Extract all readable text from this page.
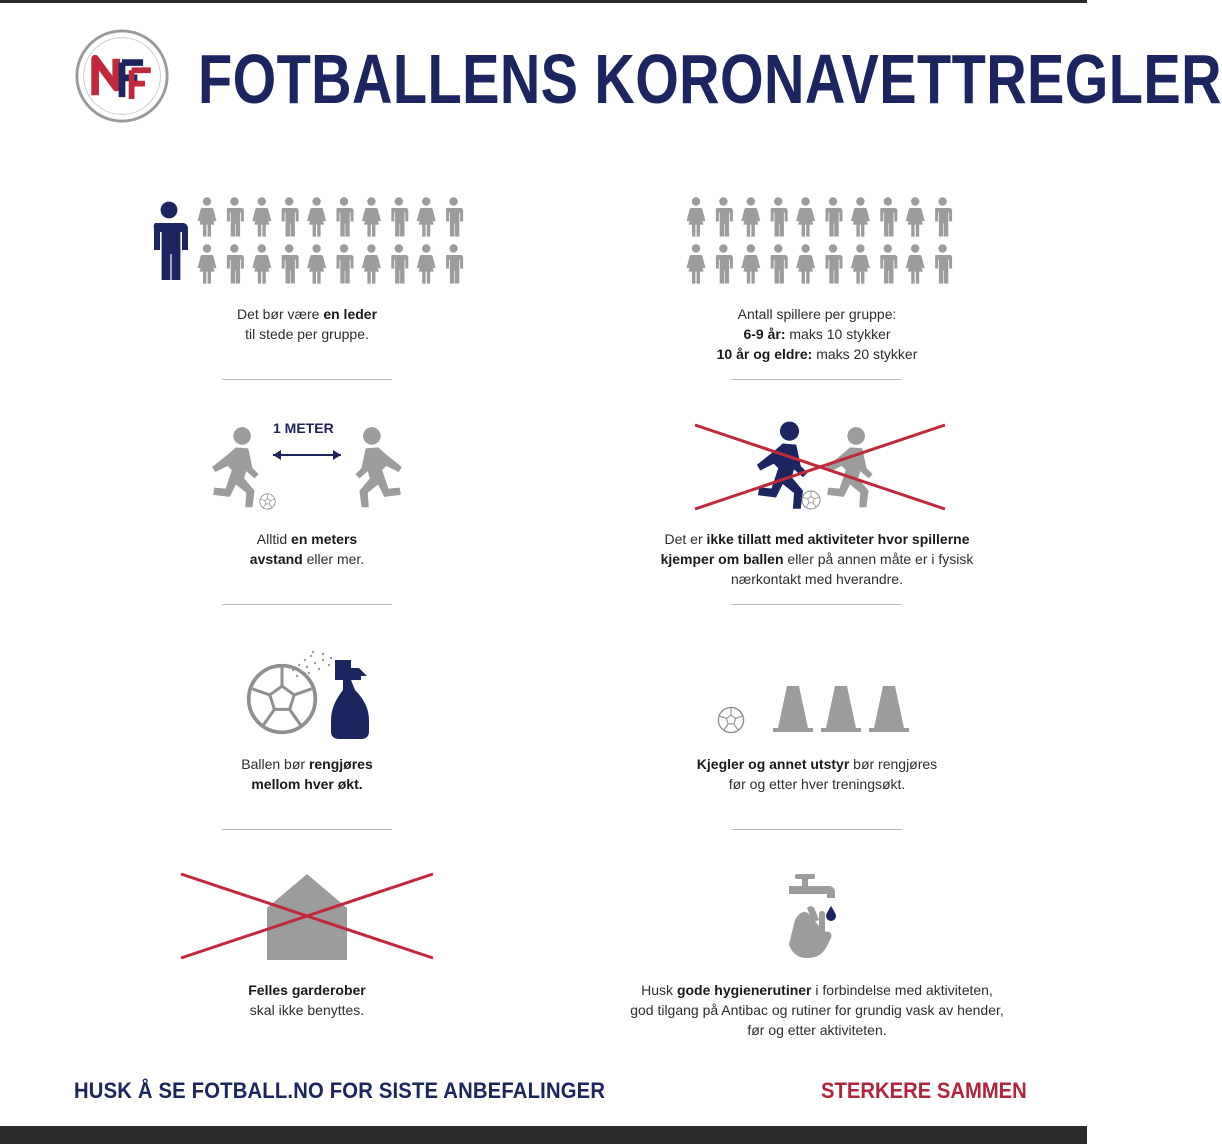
FOTBALLENS KORONAVETTREGLER
Det bør være en leder
til stede per gruppe.
Antall spillere per gruppe:
6-9 år: maks 10 stykker
10 år og eldre: maks 20 stykker
1 METER
Alltid en meters
avstand eller mer.
Det er ikke tillatt med aktiviteter hvor spillerne
kjemper om ballen eller på annen måte er i fysisk
nærkontakt med hverandre.
Ballen bør rengjøres
mellom hver økt.
Kjegler og annet utstyr bør rengjøres
før og etter hver treningsøkt.
Felles garderober
skal ikke benyttes.
Husk gode hygienerutiner i forbindelse med aktiviteten,
god tilgang på Antibac og rutiner for grundig vask av hender,
før og etter aktiviteten.
HUSK Å SE FOTBALL.NO FOR SISTE ANBEFALINGER	STERKERE SAMMEN
